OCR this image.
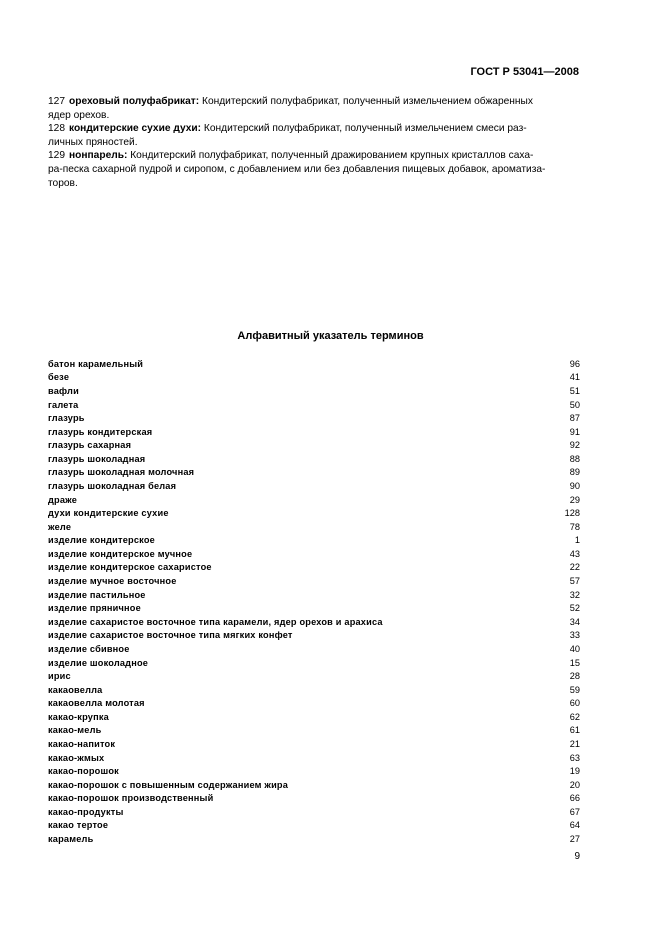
ГОСТ Р 53041—2008
127 ореховый полуфабрикат: Кондитерский полуфабрикат, полученный измельчением обжаренных
ядер орехов.
128 кондитерские сухие духи: Кондитерский полуфабрикат, полученный измельчением смеси раз-
личных пряностей.
129 нонпарель: Кондитерский полуфабрикат, полученный дражированием крупных кристаллов саха-
ра-песка сахарной пудрой и сиропом, с добавлением или без добавления пищевых добавок, ароматиза-
торов.
Алфавитный указатель терминов
батон карамельный	96
безе	41
вафли	51
галета	50
глазурь	87
глазурь кондитерская	91
глазурь сахарная	92
глазурь шоколадная	88
глазурь шоколадная молочная	89
глазурь шоколадная белая	90
драже	29
духи кондитерские сухие	128
желе	78
изделие кондитерское	1
изделие кондитерское мучное	43
изделие кондитерское сахаристое	22
изделие мучное восточное	57
изделие пастильное	32
изделие пряничное	52
изделие сахаристое восточное типа карамели, ядер орехов и арахиса	34
изделие сахаристое восточное типа мягких конфет	33
изделие сбивное	40
изделие шоколадное	15
ирис	28
какаовелла	59
какаовелла молотая	60
какао-крупка	62
какао-мель	61
какао-напиток	21
какао-жмых	63
какао-порошок	19
какао-порошок с повышенным содержанием жира	20
какао-порошок производственный	66
какао-продукты	67
какао тертое	64
карамель	27
9
